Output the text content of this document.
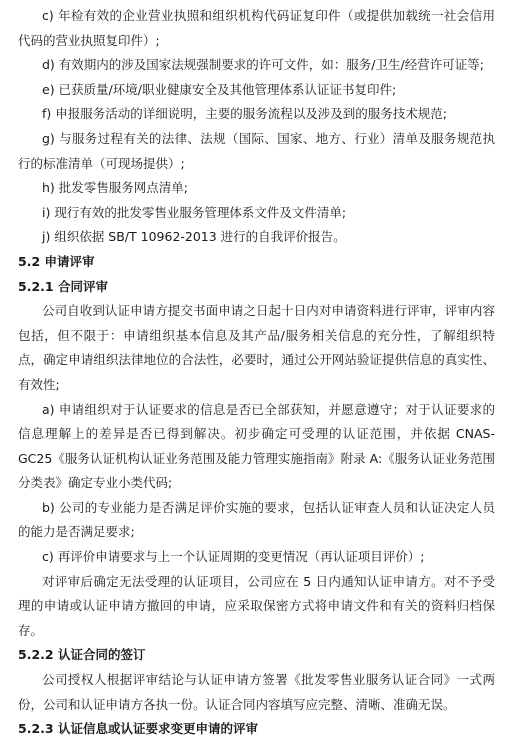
c) 年检有效的企业营业执照和组织机构代码证复印件（或提供加载统一社会信用代码的营业执照复印件）;

d) 有效期内的涉及国家法规强制要求的许可文件，如：服务/卫生/经营许可证等;

e) 已获质量/环境/职业健康安全及其他管理体系认证证书复印件;

f) 申报服务活动的详细说明，主要的服务流程以及涉及到的服务技术规范;

g) 与服务过程有关的法律、法规（国际、国家、地方、行业）清单及服务规范执行的标准清单（可现场提供）;

h) 批发零售服务网点清单;

i) 现行有效的批发零售业服务管理体系文件及文件清单;

j) 组织依据 SB/T 10962-2013 进行的自我评价报告。

5.2 申请评审

5.2.1 合同评审

公司自收到认证申请方提交书面申请之日起十日内对申请资料进行评审，评审内容包括，但不限于：申请组织基本信息及其产品/服务相关信息的充分性，了解组织特点，确定申请组织法律地位的合法性，必要时，通过公开网站验证提供信息的真实性、有效性;

a) 申请组织对于认证要求的信息是否已全部获知，并愿意遵守；对于认证要求的信息理解上的差异是否已得到解决。初步确定可受理的认证范围，并依据 CNAS-GC25《服务认证机构认证业务范围及能力管理实施指南》附录 A:《服务认证业务范围分类表》确定专业小类代码;

b) 公司的专业能力是否满足评价实施的要求，包括认证审查人员和认证决定人员的能力是否满足要求;

c) 再评价申请要求与上一个认证周期的变更情况（再认证项目评价）;

对评审后确定无法受理的认证项目，公司应在 5 日内通知认证申请方。对不予受理的申请或认证申请方撤回的申请，应采取保密方式将申请文件和有关的资料归档保存。

5.2.2 认证合同的签订

公司授权人根据评审结论与认证申请方签署《批发零售业服务认证合同》一式两份，公司和认证申请方各执一份。认证合同内容填写应完整、清晰、准确无误。

5.2.3 认证信息或认证要求变更申请的评审
